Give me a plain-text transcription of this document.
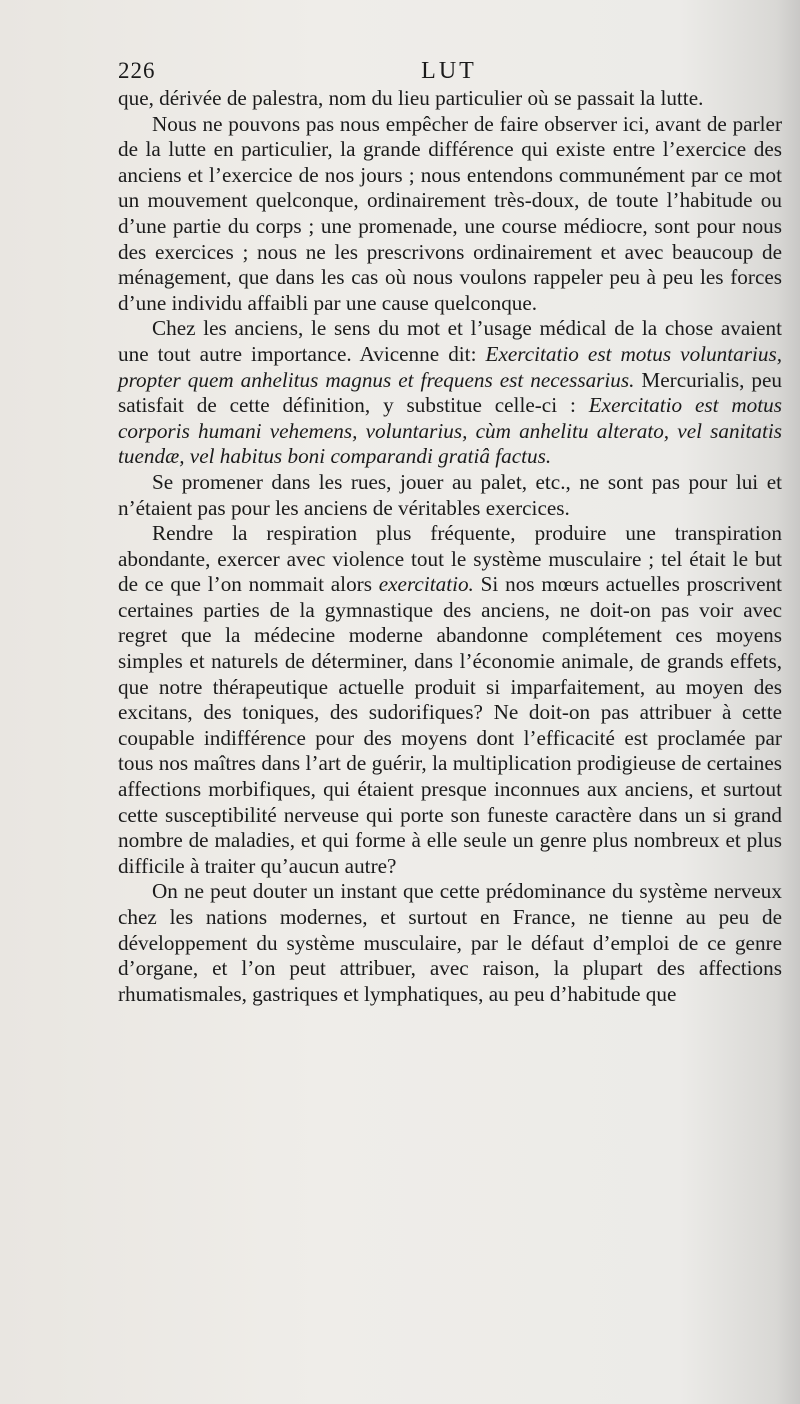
226	LUT

que, dérivée de palestra, nom du lieu particulier où se passait la lutte.

Nous ne pouvons pas nous empêcher de faire observer ici, avant de parler de la lutte en particulier, la grande différence qui existe entre l’exercice des anciens et l’exercice de nos jours ; nous entendons communément par ce mot un mouvement quelconque, ordinairement très-doux, de toute l’habitude ou d’une partie du corps ; une promenade, une course médiocre, sont pour nous des exercices ; nous ne les prescrivons ordinairement et avec beaucoup de ménagement, que dans les cas où nous voulons rappeler peu à peu les forces d’une individu affaibli par une cause quelconque.

Chez les anciens, le sens du mot et l’usage médical de la chose avaient une tout autre importance. Avicenne dit: Exercitatio est motus voluntarius, propter quem anhelitus magnus et frequens est necessarius. Mercurialis, peu satisfait de cette définition, y substitue celle-ci : Exercitatio est motus corporis humani vehemens, voluntarius, cùm anhelitu alterato, vel sanitatis tuendæ, vel habitus boni comparandi gratiâ factus.

Se promener dans les rues, jouer au palet, etc., ne sont pas pour lui et n’étaient pas pour les anciens de véritables exercices.

Rendre la respiration plus fréquente, produire une transpiration abondante, exercer avec violence tout le système musculaire ; tel était le but de ce que l’on nommait alors exercitatio. Si nos mœurs actuelles proscrivent certaines parties de la gymnastique des anciens, ne doit-on pas voir avec regret que la médecine moderne abandonne complétement ces moyens simples et naturels de déterminer, dans l’économie animale, de grands effets, que notre thérapeutique actuelle produit si imparfaitement, au moyen des excitans, des toniques, des sudorifiques? Ne doit-on pas attribuer à cette coupable indifférence pour des moyens dont l’efficacité est proclamée par tous nos maîtres dans l’art de guérir, la multiplication prodigieuse de certaines affections morbifiques, qui étaient presque inconnues aux anciens, et surtout cette susceptibilité nerveuse qui porte son funeste caractère dans un si grand nombre de maladies, et qui forme à elle seule un genre plus nombreux et plus difficile à traiter qu’aucun autre?

On ne peut douter un instant que cette prédominance du système nerveux chez les nations modernes, et surtout en France, ne tienne au peu de développement du système musculaire, par le défaut d’emploi de ce genre d’organe, et l’on peut attribuer, avec raison, la plupart des affections rhumatismales, gastriques et lymphatiques, au peu d’habitude que
